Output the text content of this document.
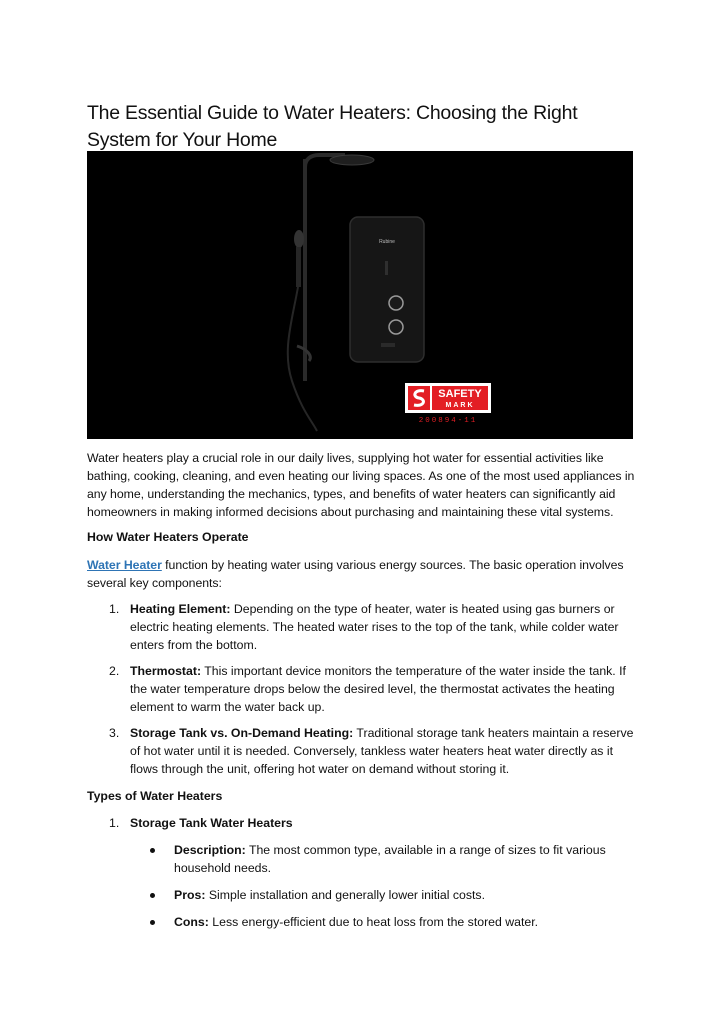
The Essential Guide to Water Heaters: Choosing the Right System for Your Home
Rubine
SAFETY
MARK
200894-11

Water heaters play a crucial role in our daily lives, supplying hot water for essential activities like bathing, cooking, cleaning, and even heating our living spaces. As one of the most used appliances in any home, understanding the mechanics, types, and benefits of water heaters can significantly aid homeowners in making informed decisions about purchasing and maintaining these vital systems.

How Water Heaters Operate

Water Heater function by heating water using various energy sources. The basic operation involves several key components:

1. Heating Element: Depending on the type of heater, water is heated using gas burners or electric heating elements. The heated water rises to the top of the tank, while colder water enters from the bottom.
2. Thermostat: This important device monitors the temperature of the water inside the tank. If the water temperature drops below the desired level, the thermostat activates the heating element to warm the water back up.
3. Storage Tank vs. On-Demand Heating: Traditional storage tank heaters maintain a reserve of hot water until it is needed. Conversely, tankless water heaters heat water directly as it flows through the unit, offering hot water on demand without storing it.
Types of Water Heaters
1. Storage Tank Water Heaters
Description: The most common type, available in a range of sizes to fit various household needs.
Pros: Simple installation and generally lower initial costs.
Cons: Less energy-efficient due to heat loss from the stored water.
